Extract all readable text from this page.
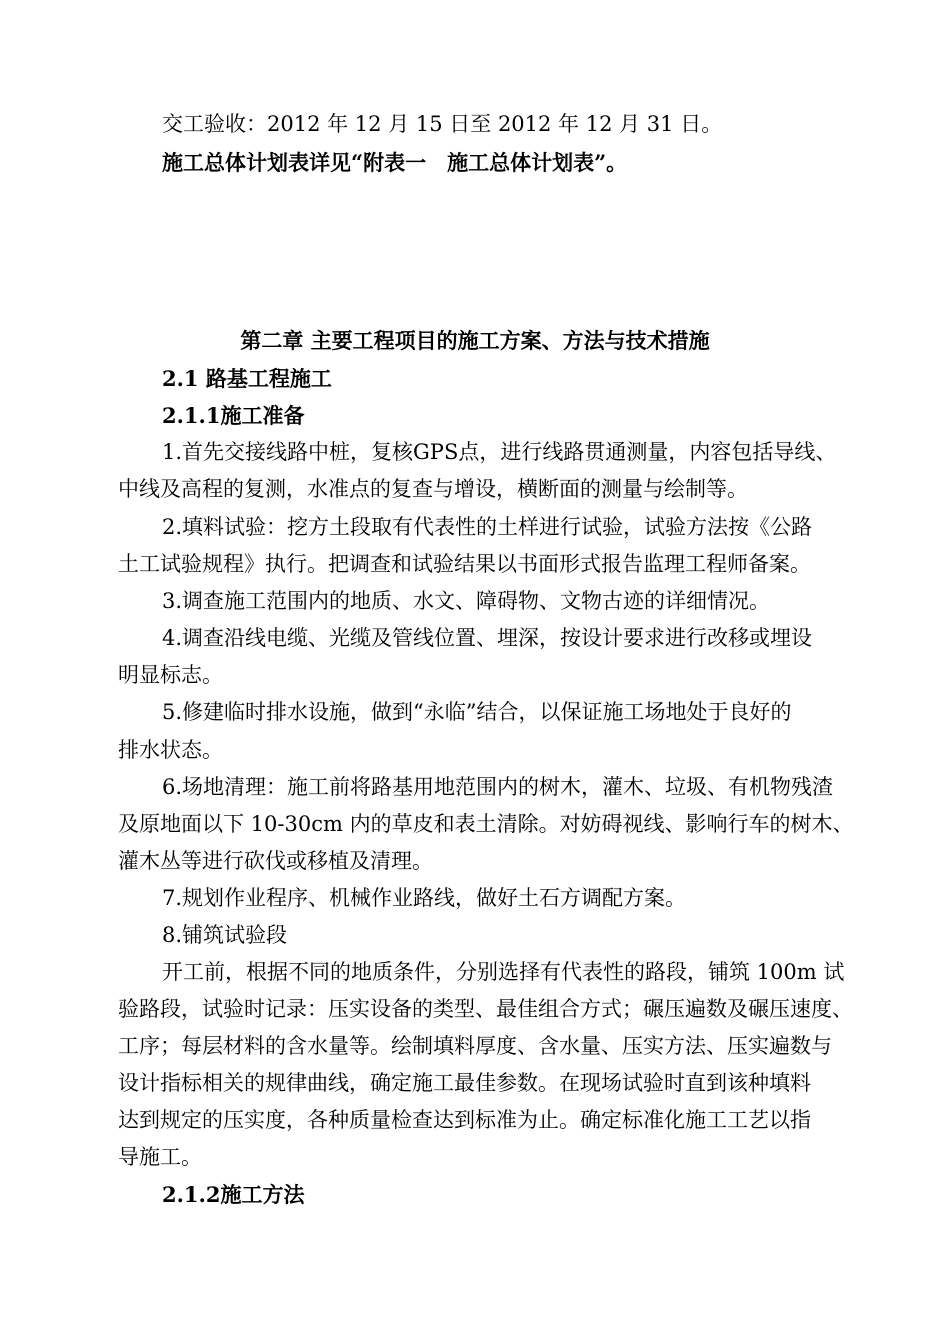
交工验收：2012 年 12 月 15 日至 2012 年 12 月 31 日。
施工总体计划表详见“附表一　施工总体计划表”。
第二章 主要工程项目的施工方案、方法与技术措施
2.1 路基工程施工
2.1.1施工准备
1.首先交接线路中桩，复核GPS点，进行线路贯通测量，内容包括导线、
中线及高程的复测，水准点的复查与增设，横断面的测量与绘制等。
2.填料试验：挖方土段取有代表性的土样进行试验，试验方法按《公路
土工试验规程》执行。把调查和试验结果以书面形式报告监理工程师备案。
3.调查施工范围内的地质、水文、障碍物、文物古迹的详细情况。
4.调查沿线电缆、光缆及管线位置、埋深，按设计要求进行改移或埋设
明显标志。
5.修建临时排水设施，做到“永临”结合，以保证施工场地处于良好的
排水状态。
6.场地清理：施工前将路基用地范围内的树木，灌木、垃圾、有机物残渣
及原地面以下 10-30cm 内的草皮和表土清除。对妨碍视线、影响行车的树木、
灌木丛等进行砍伐或移植及清理。
7.规划作业程序、机械作业路线，做好土石方调配方案。
8.铺筑试验段
开工前，根据不同的地质条件，分别选择有代表性的路段，铺筑 100m 试
验路段，试验时记录：压实设备的类型、最佳组合方式；碾压遍数及碾压速度、
工序；每层材料的含水量等。绘制填料厚度、含水量、压实方法、压实遍数与
设计指标相关的规律曲线，确定施工最佳参数。在现场试验时直到该种填料
达到规定的压实度，各种质量检查达到标准为止。确定标准化施工工艺以指
导施工。
2.1.2施工方法
